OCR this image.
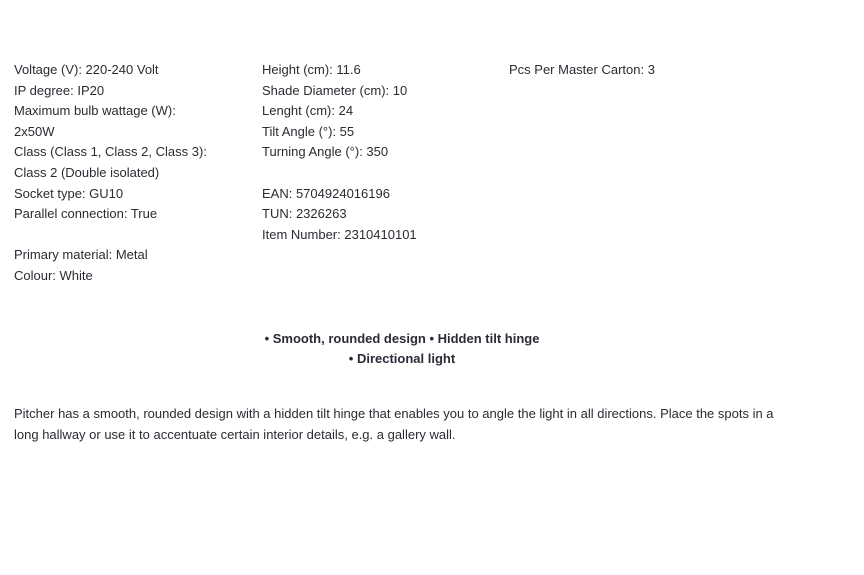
Voltage (V): 220-240 Volt
IP degree: IP20
Maximum bulb wattage (W):
2x50W
Class (Class 1, Class 2, Class 3):
Class 2 (Double isolated)
Socket type: GU10
Parallel connection: True
Primary material: Metal
Colour: White
Height (cm): 11.6
Shade Diameter (cm): 10
Lenght (cm): 24
Tilt Angle (°): 55
Turning Angle (°): 350
EAN: 5704924016196
TUN: 2326263
Item Number: 2310410101
Pcs Per Master Carton: 3
• Smooth, rounded design • Hidden tilt hinge
• Directional light
Pitcher has a smooth, rounded design with a hidden tilt hinge that enables you to angle the light in all directions. Place the spots in a long hallway or use it to accentuate certain interior details, e.g. a gallery wall.
